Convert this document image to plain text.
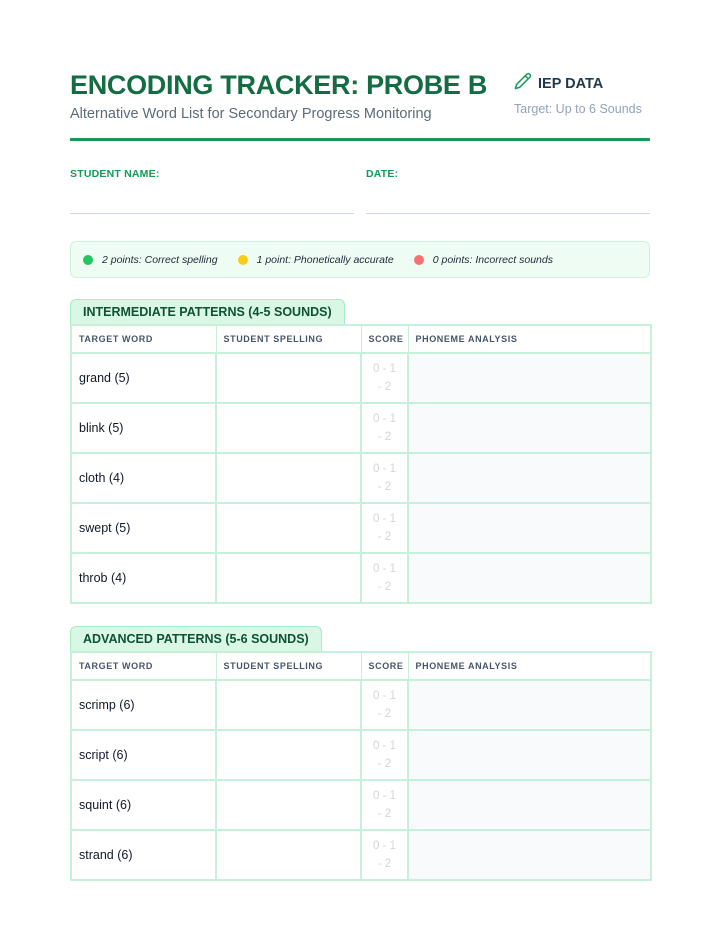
ENCODING TRACKER: PROBE B
Alternative Word List for Secondary Progress Monitoring
IEP DATA
Target: Up to 6 Sounds
STUDENT NAME:	DATE:
2 points: Correct spelling	1 point: Phonetically accurate	0 points: Incorrect sounds
INTERMEDIATE PATTERNS (4-5 SOUNDS)
TARGET WORD	STUDENT SPELLING	SCORE	PHONEME ANALYSIS
grand (5)		0 - 1
- 2	

blink (5)		0 - 1
- 2	

cloth (4)		0 - 1
- 2	

swept (5)		0 - 1
- 2	

throb (4)		0 - 1
- 2	

ADVANCED PATTERNS (5-6 SOUNDS)
TARGET WORD	STUDENT SPELLING	SCORE	PHONEME ANALYSIS
scrimp (6)		0 - 1
- 2	

script (6)		0 - 1
- 2	

squint (6)		0 - 1
- 2	

strand (6)		0 - 1
- 2	
